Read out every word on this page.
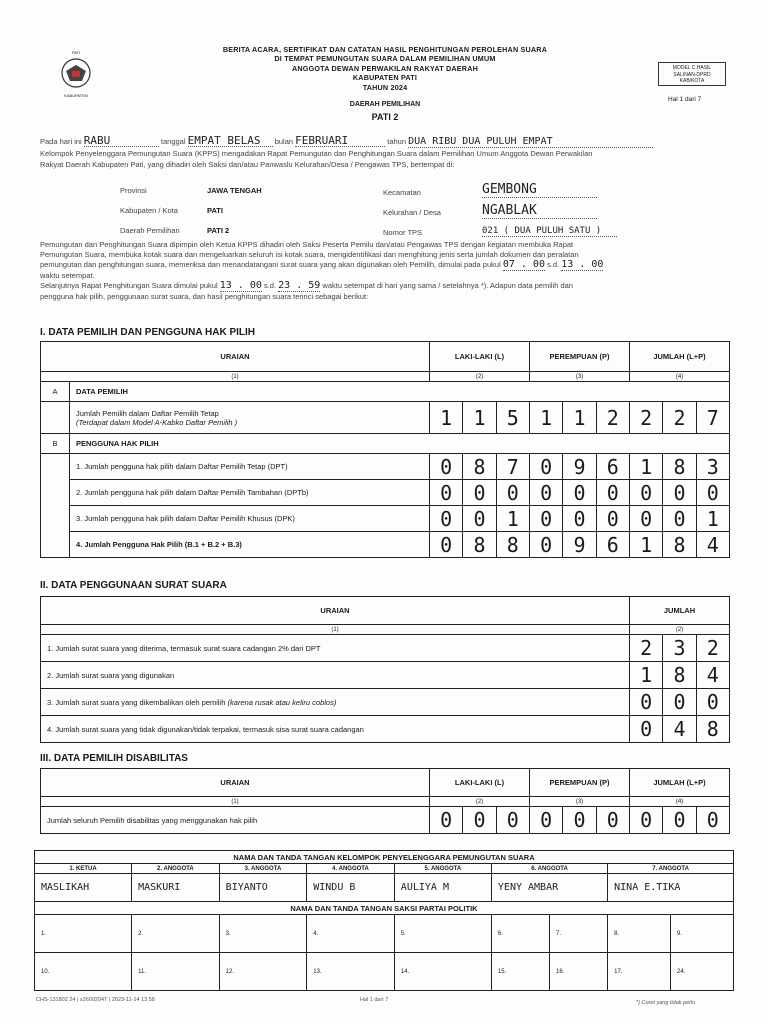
PATI
KABUPATEN
BERITA ACARA, SERTIFIKAT DAN CATATAN HASIL PENGHITUNGAN PEROLEHAN SUARA
DI TEMPAT PEMUNGUTAN SUARA DALAM PEMILIHAN UMUM
ANGGOTA DEWAN PERWAKILAN RAKYAT DAERAH
KABUPATEN PATI
TAHUN 2024
MODEL C.HASIL
SALINAN-DPRD
KAB/KOTA
Hal 1 dari 7
DAERAH PEMILIHAN
PATI 2
Pada hari ini RABU	tanggal EMPAT BELAS bulan FEBRUARI	tahun DUA RIBU DUA PULUH EMPAT
Kelompok Penyelenggara Pemungutan Suara (KPPS) mengadakan Rapat Pemungutan dan Penghitungan Suara dalam Pemilihan Umum Anggota Dewan Perwakilan
Rakyat Daerah Kabupaten Pati, yang dihadiri oleh Saksi dan/atau Panwaslu Kelurahan/Desa / Pengawas TPS, bertempat di:
Provinsi	JAWA TENGAH
Kabupaten / Kota	PATI
Daerah Pemilihan	PATI 2
Kecamatan	GEMBONG
Kelurahan / Desa	NGABLAK
Nomor TPS	021 ( DUA PULUH SATU )
Pemungutan dan Penghitungan Suara dipimpin oleh Ketua KPPS dihadiri oleh Saksi Peserta Pemilu dan/atau Pengawas TPS dengan kegiatan membuka Rapat
Pemungutan Suara, membuka kotak suara dan mengeluarkan seluruh isi kotak suara, mengidentifikasi dan menghitung jenis serta jumlah dokumen dan peralatan
pemungutan dan penghitungan suara, memeriksa dan menandatangani surat suara yang akan digunakan oleh Pemilih, dimulai pada pukul 07 . 00 s.d. 13 . 00
waktu setempat.
Selanjutnya Rapat Penghitungan Suara dimulai pukul 13 . 00 s.d. 23 . 59 waktu setempat di hari yang sama / setelahnya *). Adapun data pemilih dan
pengguna hak pilih, penggunaan surat suara, dan hasil penghitungan suara terinci sebagai berikut:
I. DATA PEMILIH DAN PENGGUNA HAK PILIH
URAIAN		LAKI-LAKI (L)			PEREMPUAN (P)			JUMLAH (L+P)		
(1)		(2)			(3)			(4)		
A	DATA PEMILIH									

	Jumlah Pemilih dalam Daftar Pemilih Tetap
(Terdapat dalam Model A-Kabko Daftar Pemilih )	1	1	5	1	1	2	2	2	7
B	PENGGUNA HAK PILIH									
	1. Jumlah pengguna hak pilih dalam Daftar Pemilih Tetap (DPT)	0	8	7	0	9	6	1	8	3
	2. Jumlah pengguna hak pilih dalam Daftar Pemilih Tambahan (DPTb)	0	0	0	0	0	0	0	0	0
	3. Jumlah pengguna hak pilih dalam Daftar Pemilih Khusus (DPK)	0	0	1	0	0	0	0	0	1
	4. Jumlah Pengguna Hak Pilih (B.1 + B.2 + B.3)	0	8	8	0	9	6	1	8	4
II. DATA PENGGUNAAN SURAT SUARA
URAIAN	JUMLAH		
(1)	(2)		
1. Jumlah surat suara yang diterima, termasuk surat suara cadangan 2% dari DPT	2	3	2
2. Jumlah surat suara yang digunakan	1	8	4
3. Jumlah surat suara yang dikembalikan oleh pemilih (karena rusak atau keliru coblos)	0	0	0
4. Jumlah surat suara yang tidak digunakan/tidak terpakai, termasuk sisa surat suara cadangan	0	4	8
III. DATA PEMILIH DISABILITAS
URAIAN	LAKI-LAKI (L)			PEREMPUAN (P)			JUMLAH (L+P)		
(1)	(2)			(3)			(4)		
Jumlah seluruh Pemilih disabilitas yang menggunakan hak pilih	0	0	0	0	0	0	0	0	0
NAMA DAN TANDA TANGAN KELOMPOK PENYELENGGARA PEMUNGUTAN SUARA								
1. KETUA	2. ANGGOTA	3. ANGGOTA	4. ANGGOTA	5. ANGGOTA	6. ANGGOTA		7. ANGGOTA	
MASLIKAH	MASKURI	BIYANTO	WINDU B	AULIYA M	YENY AMBAR		NINA E.TIKA	
NAMA DAN TANDA TANGAN SAKSI PARTAI POLITIK								
1.	2.	3.	4.	5.	6.	7.	8.	9.
10.	11.	12.	13.	14.	15.	16.	17.	24.
CHS-131802 24 | s2600204T | 2023-11-14 13 58	Hal 1 dari 7	*) Coret yang tidak perlu
